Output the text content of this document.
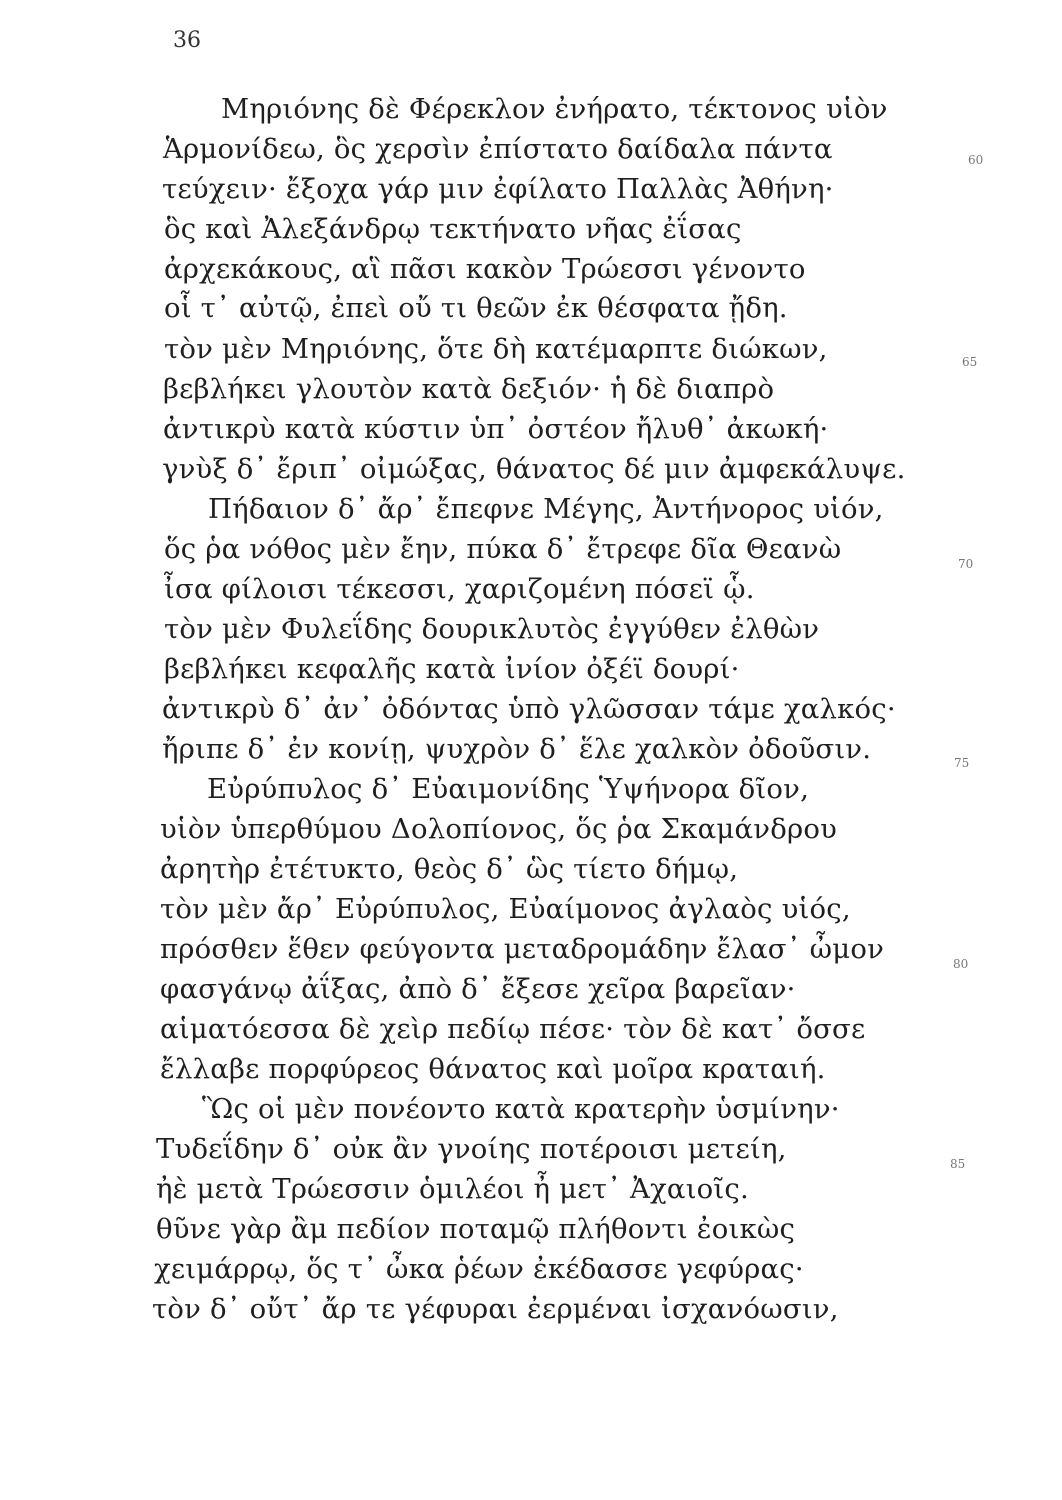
36
Μηριόνης δὲ Φέρεκλον ἐνήρατο, τέκτονος υἱὸν
Ἁρμονίδεω, ὃς χερσὶν ἐπίστατο δαίδαλα πάντα
τεύχειν· ἔξοχα γάρ μιν ἐφίλατο Παλλὰς Ἀθήνη·
ὃς καὶ Ἀλεξάνδρῳ τεκτήνατο νῆας ἐΐσας
ἀρχεκάκους, αἳ πᾶσι κακὸν Τρώεσσι γένοντο
οἷ τ᾽ αὐτῷ, ἐπεὶ οὔ τι θεῶν ἐκ θέσφατα ᾔδη.
τὸν μὲν Μηριόνης, ὅτε δὴ κατέμαρπτε διώκων,
βεβλήκει γλουτὸν κατὰ δεξιόν· ἡ δὲ διαπρὸ
ἀντικρὺ κατὰ κύστιν ὑπ᾽ ὀστέον ἤλυθ᾽ ἀκωκή·
γνὺξ δ᾽ ἔριπ᾽ οἰμώξας, θάνατος δέ μιν ἀμφεκάλυψε.
Πήδαιον δ᾽ ἄρ᾽ ἔπεφνε Μέγης, Ἀντήνορος υἱόν,
ὅς ῥα νόθος μὲν ἔην, πύκα δ᾽ ἔτρεφε δῖα Θεανὼ
ἶσα φίλοισι τέκεσσι, χαριζομένη πόσεϊ ᾧ.
τὸν μὲν Φυλεΐδης δουρικλυτὸς ἐγγύθεν ἐλθὼν
βεβλήκει κεφαλῆς κατὰ ἰνίον ὀξέϊ δουρί·
ἀντικρὺ δ᾽ ἀν᾽ ὀδόντας ὑπὸ γλῶσσαν τάμε χαλκός·
ἤριπε δ᾽ ἐν κονίῃ, ψυχρὸν δ᾽ ἕλε χαλκὸν ὀδοῦσιν.
Εὐρύπυλος δ᾽ Εὐαιμονίδης Ὑψήνορα δῖον,
υἱὸν ὑπερθύμου Δολοπίονος, ὅς ῥα Σκαμάνδρου
ἀρητὴρ ἐτέτυκτο, θεὸς δ᾽ ὣς τίετο δήμῳ,
τὸν μὲν ἄρ᾽ Εὐρύπυλος, Εὐαίμονος ἀγλαὸς υἱός,
πρόσθεν ἕθεν φεύγοντα μεταδρομάδην ἔλασ᾽ ὦμον
φασγάνῳ ἀΐξας, ἀπὸ δ᾽ ἔξεσε χεῖρα βαρεῖαν·
αἱματόεσσα δὲ χεὶρ πεδίῳ πέσε· τὸν δὲ κατ᾽ ὄσσε
ἔλλαβε πορφύρεος θάνατος καὶ μοῖρα κραταιή.
Ὣς οἱ μὲν πονέοντο κατὰ κρατερὴν ὑσμίνην·
Τυδεΐδην δ᾽ οὐκ ἂν γνοίης ποτέροισι μετείη,
ἠὲ μετὰ Τρώεσσιν ὁμιλέοι ἦ μετ᾽ Ἀχαιοῖς.
θῦνε γὰρ ἂμ πεδίον ποταμῷ πλήθοντι ἐοικὼς
χειμάρρῳ, ὅς τ᾽ ὦκα ῥέων ἐκέδασσε γεφύρας·
τὸν δ᾽ οὔτ᾽ ἄρ τε γέφυραι ἐερμέναι ἰσχανόωσιν,
60
65
70
75
80
85
